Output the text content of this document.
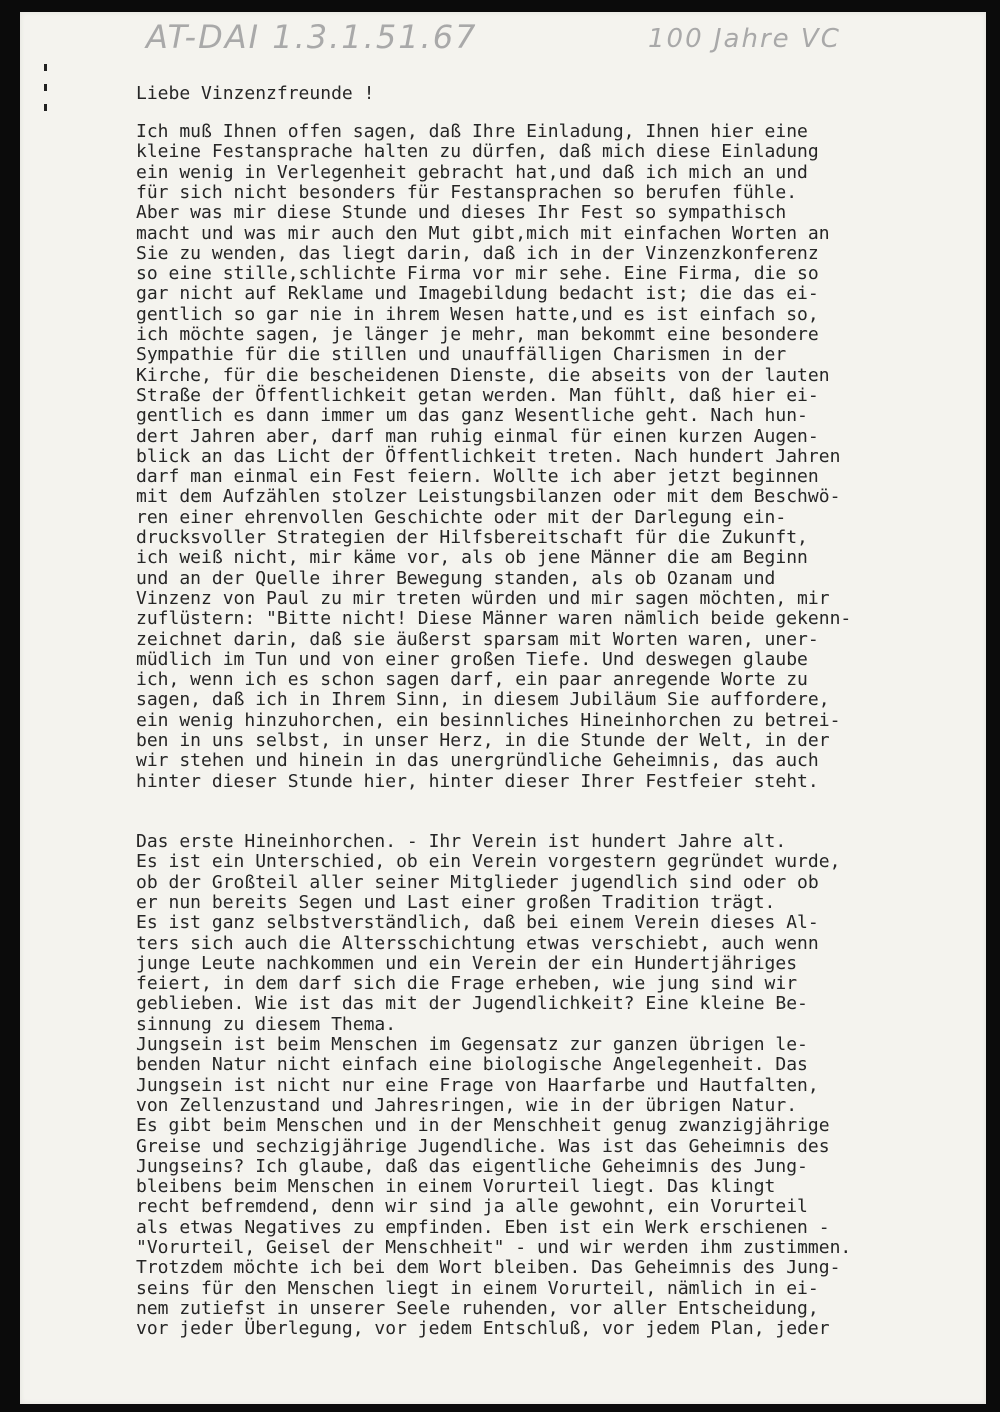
AT-DAI 1.3.1.51.67	100 Jahre VC
Liebe Vinzenzfreunde !
Ich muß Ihnen offen sagen, daß Ihre Einladung, Ihnen hier eine
kleine Festansprache halten zu dürfen, daß mich diese Einladung
ein wenig in Verlegenheit gebracht hat,und daß ich mich an und
für sich nicht besonders für Festansprachen so berufen fühle.
Aber was mir diese Stunde und dieses Ihr Fest so sympathisch
macht und was mir auch den Mut gibt,mich mit einfachen Worten an
Sie zu wenden, das liegt darin, daß ich in der Vinzenzkonferenz
so eine stille,schlichte Firma vor mir sehe. Eine Firma, die so
gar nicht auf Reklame und Imagebildung bedacht ist; die das ei-
gentlich so gar nie in ihrem Wesen hatte,und es ist einfach so,
ich möchte sagen, je länger je mehr, man bekommt eine besondere
Sympathie für die stillen und unauffälligen Charismen in der
Kirche, für die bescheidenen Dienste, die abseits von der lauten
Straße der Öffentlichkeit getan werden. Man fühlt, daß hier ei-
gentlich es dann immer um das ganz Wesentliche geht. Nach hun-
dert Jahren aber, darf man ruhig einmal für einen kurzen Augen-
blick an das Licht der Öffentlichkeit treten. Nach hundert Jahren
darf man einmal ein Fest feiern. Wollte ich aber jetzt beginnen
mit dem Aufzählen stolzer Leistungsbilanzen oder mit dem Beschwö-
ren einer ehrenvollen Geschichte oder mit der Darlegung ein-
drucksvoller Strategien der Hilfsbereitschaft für die Zukunft,
ich weiß nicht, mir käme vor, als ob jene Männer die am Beginn
und an der Quelle ihrer Bewegung standen, als ob Ozanam und
Vinzenz von Paul zu mir treten würden und mir sagen möchten, mir
zuflüstern: "Bitte nicht! Diese Männer waren nämlich beide gekenn-
zeichnet darin, daß sie äußerst sparsam mit Worten waren, uner-
müdlich im Tun und von einer großen Tiefe. Und deswegen glaube
ich, wenn ich es schon sagen darf, ein paar anregende Worte zu
sagen, daß ich in Ihrem Sinn, in diesem Jubiläum Sie auffordere,
ein wenig hinzuhorchen, ein besinnliches Hineinhorchen zu betrei-
ben in uns selbst, in unser Herz, in die Stunde der Welt, in der
wir stehen und hinein in das unergründliche Geheimnis, das auch
hinter dieser Stunde hier, hinter dieser Ihrer Festfeier steht.
Das erste Hineinhorchen. - Ihr Verein ist hundert Jahre alt.
Es ist ein Unterschied, ob ein Verein vorgestern gegründet wurde,
ob der Großteil aller seiner Mitglieder jugendlich sind oder ob
er nun bereits Segen und Last einer großen Tradition trägt.
Es ist ganz selbstverständlich, daß bei einem Verein dieses Al-
ters sich auch die Altersschichtung etwas verschiebt, auch wenn
junge Leute nachkommen und ein Verein der ein Hundertjähriges
feiert, in dem darf sich die Frage erheben, wie jung sind wir
geblieben. Wie ist das mit der Jugendlichkeit? Eine kleine Be-
sinnung zu diesem Thema.
Jungsein ist beim Menschen im Gegensatz zur ganzen übrigen le-
benden Natur nicht einfach eine biologische Angelegenheit. Das
Jungsein ist nicht nur eine Frage von Haarfarbe und Hautfalten,
von Zellenzustand und Jahresringen, wie in der übrigen Natur.
Es gibt beim Menschen und in der Menschheit genug zwanzigjährige
Greise und sechzigjährige Jugendliche. Was ist das Geheimnis des
Jungseins? Ich glaube, daß das eigentliche Geheimnis des Jung-
bleibens beim Menschen in einem Vorurteil liegt. Das klingt
recht befremdend, denn wir sind ja alle gewohnt, ein Vorurteil
als etwas Negatives zu empfinden. Eben ist ein Werk erschienen -
"Vorurteil, Geisel der Menschheit" - und wir werden ihm zustimmen.
Trotzdem möchte ich bei dem Wort bleiben. Das Geheimnis des Jung-
seins für den Menschen liegt in einem Vorurteil, nämlich in ei-
nem zutiefst in unserer Seele ruhenden, vor aller Entscheidung,
vor jeder Überlegung, vor jedem Entschluß, vor jedem Plan, jeder
